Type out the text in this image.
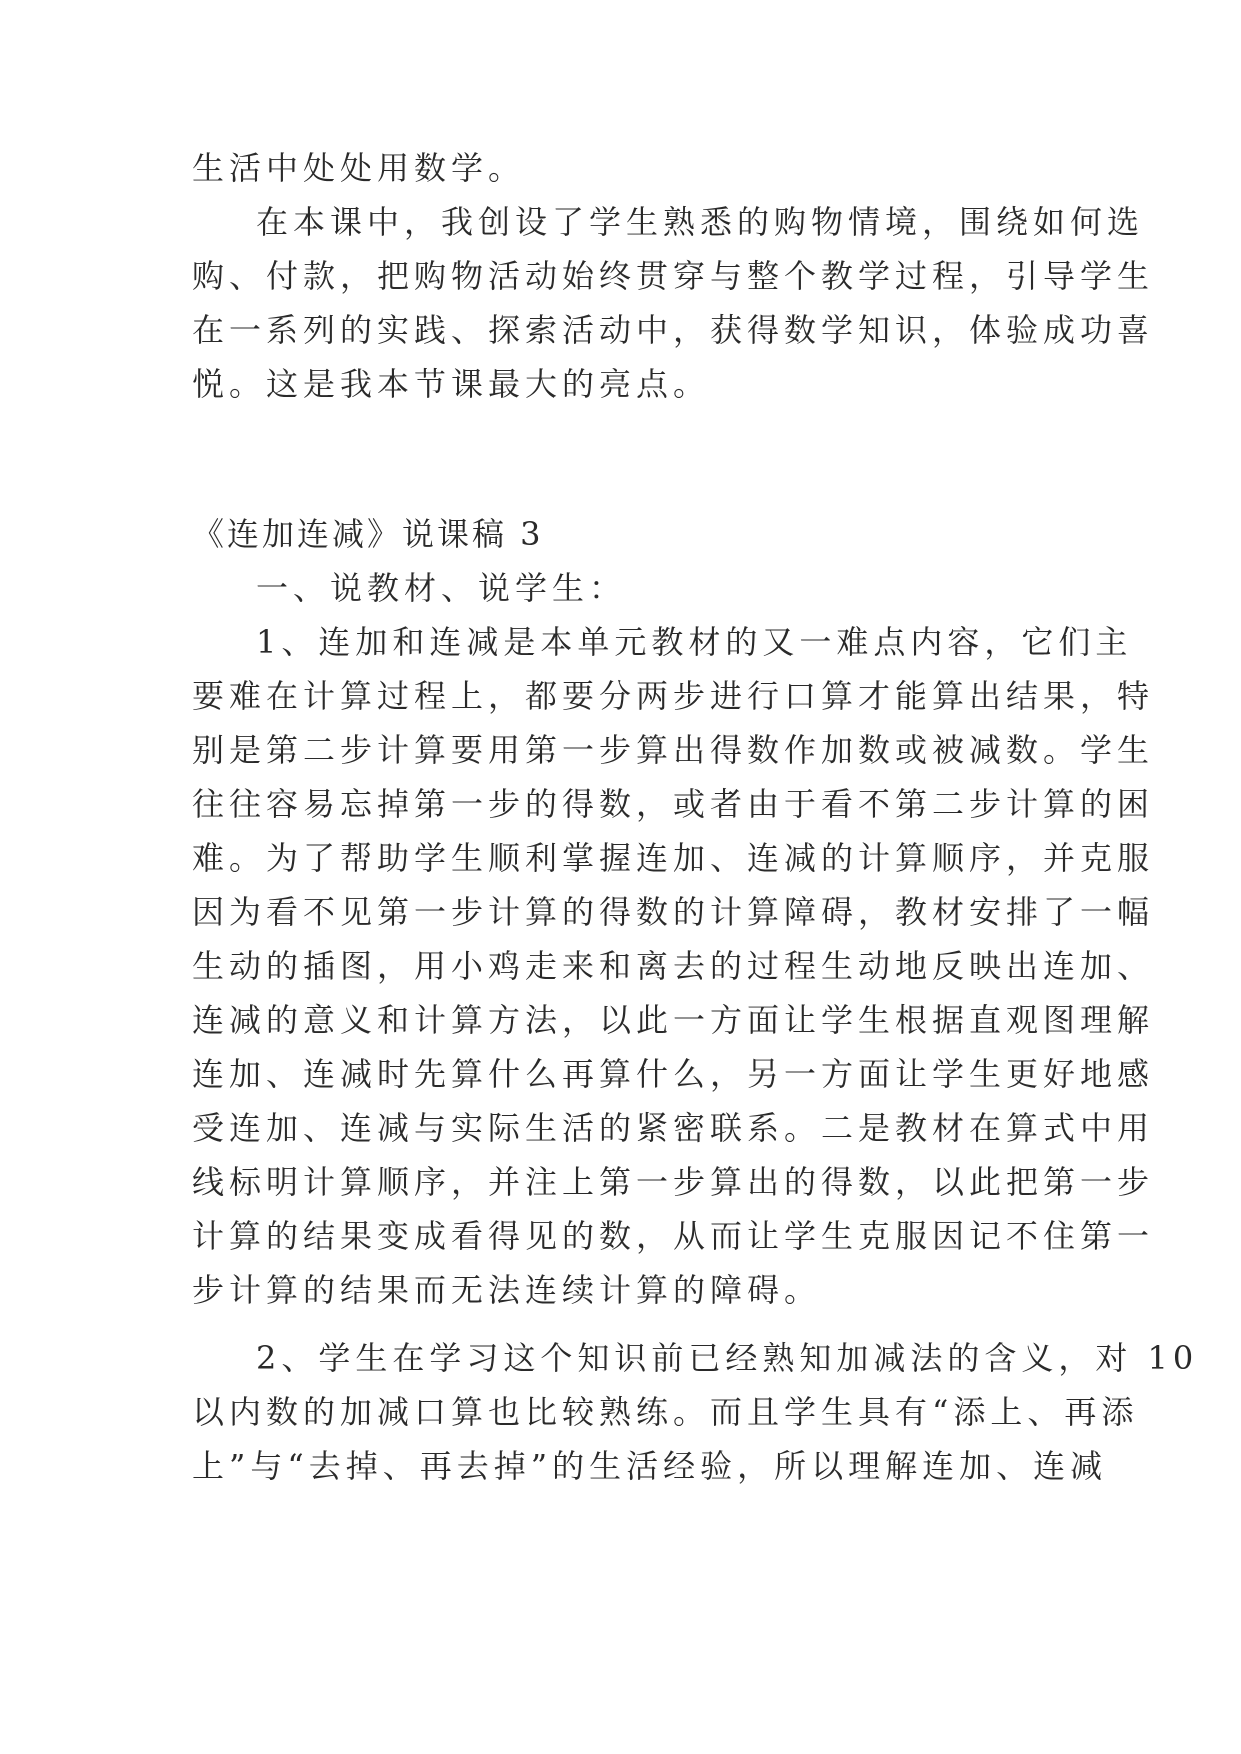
生活中处处用数学。

在本课中，我创设了学生熟悉的购物情境，围绕如何选

购、付款，把购物活动始终贯穿与整个教学过程，引导学生

在一系列的实践、探索活动中，获得数学知识，体验成功喜

悦。这是我本节课最大的亮点。

《连加连减》说课稿 3

一、说教材、说学生：

1、连加和连减是本单元教材的又一难点内容，它们主

要难在计算过程上，都要分两步进行口算才能算出结果，特

别是第二步计算要用第一步算出得数作加数或被减数。学生

往往容易忘掉第一步的得数，或者由于看不第二步计算的困

难。为了帮助学生顺利掌握连加、连减的计算顺序，并克服

因为看不见第一步计算的得数的计算障碍，教材安排了一幅

生动的插图，用小鸡走来和离去的过程生动地反映出连加、

连减的意义和计算方法，以此一方面让学生根据直观图理解

连加、连减时先算什么再算什么，另一方面让学生更好地感

受连加、连减与实际生活的紧密联系。二是教材在算式中用

线标明计算顺序，并注上第一步算出的得数，以此把第一步

计算的结果变成看得见的数，从而让学生克服因记不住第一

步计算的结果而无法连续计算的障碍。

2、学生在学习这个知识前已经熟知加减法的含义，对 10

以内数的加减口算也比较熟练。而且学生具有“添上、再添

上”与“去掉、再去掉”的生活经验，所以理解连加、连减
